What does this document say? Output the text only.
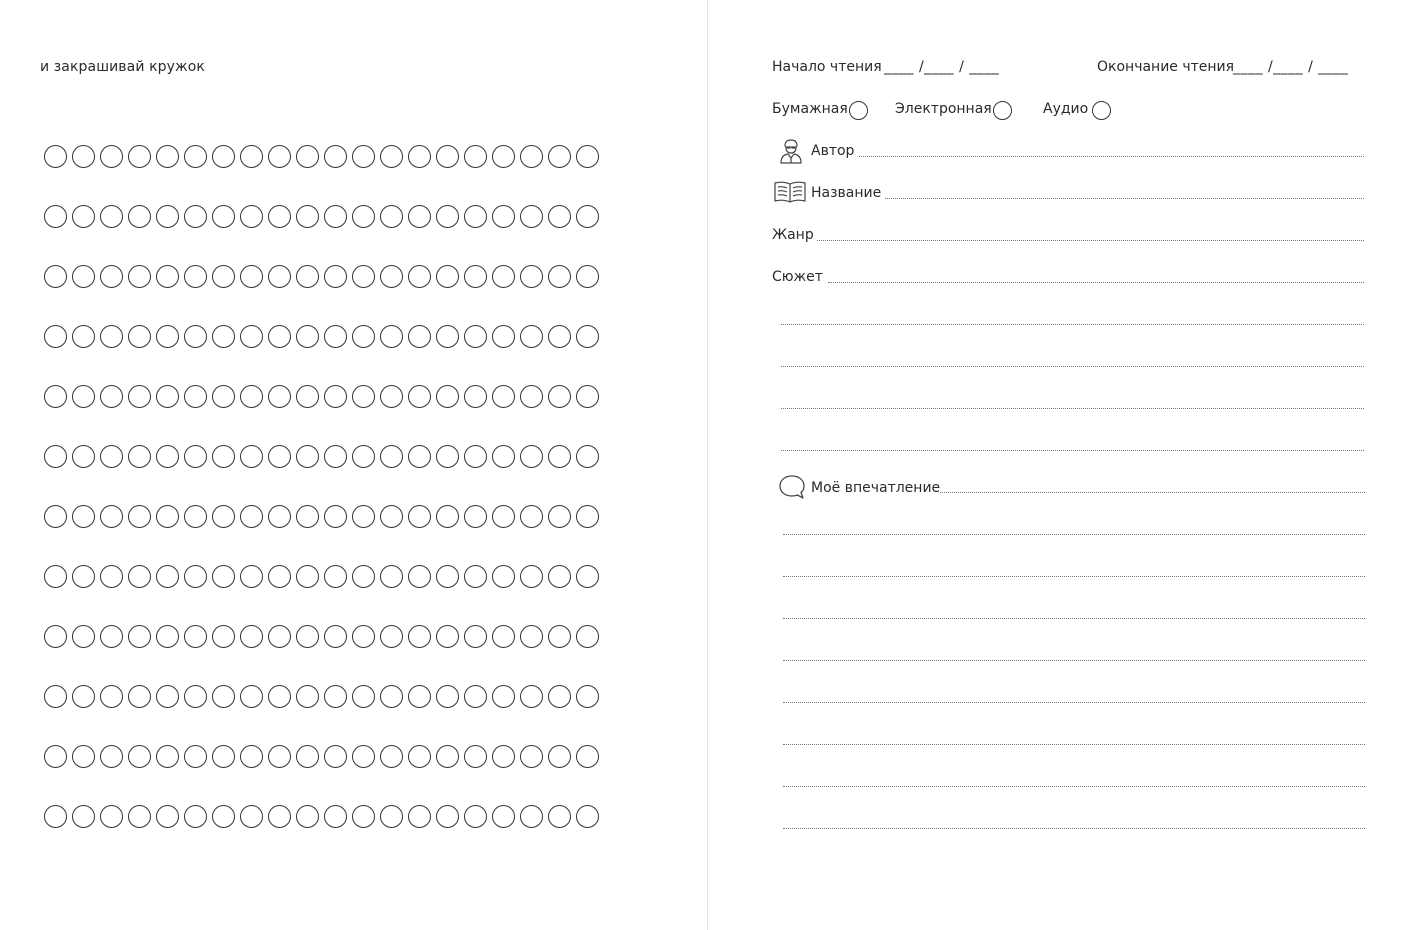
и закрашивай кружок	Начало чтения ____ /____ / ____	Окончание чтения
____ /____ / ____
Бумажная	Электронная	Аудио
Автор
Название
Жанр
Сюжет
Моё впечатление
